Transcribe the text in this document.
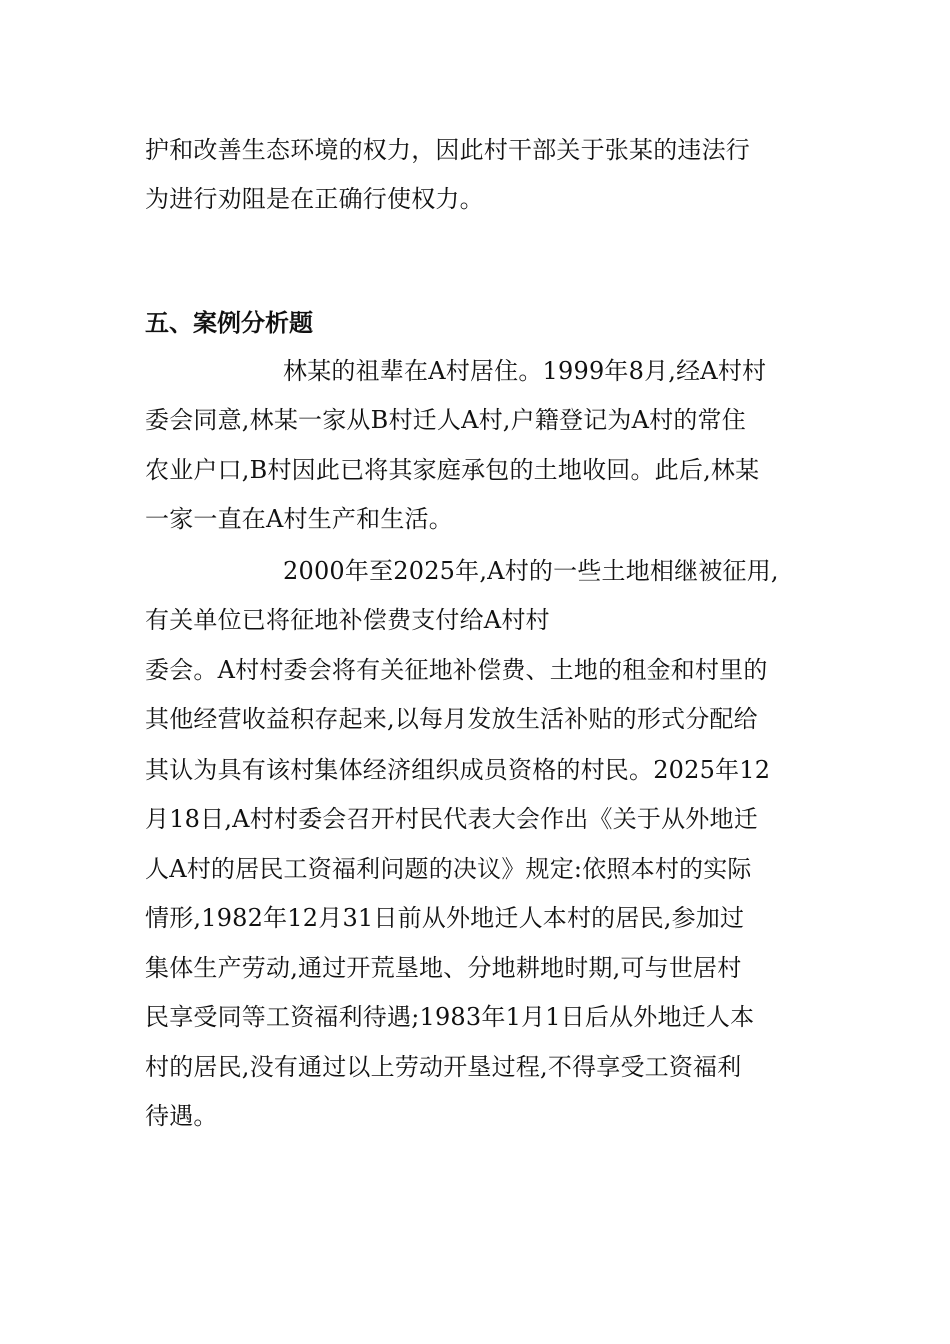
护和改善生态环境的权力，因此村干部关于张某的违法行
为进行劝阻是在正确行使权力。
五、案例分析题
林某的祖辈在A村居住。1999年8月,经A村村
委会同意,林某一家从B村迁人A村,户籍登记为A村的常住
农业户口,B村因此已将其家庭承包的土地收回。此后,林某
一家一直在A村生产和生活。
2000年至2025年,A村的一些土地相继被征用,
有关单位已将征地补偿费支付给A村村
委会。A村村委会将有关征地补偿费、土地的租金和村里的
其他经营收益积存起来,以每月发放生活补贴的形式分配给
其认为具有该村集体经济组织成员资格的村民。2025年12
月18日,A村村委会召开村民代表大会作出《关于从外地迁
人A村的居民工资福利问题的决议》规定:依照本村的实际
情形,1982年12月31日前从外地迁人本村的居民,参加过
集体生产劳动,通过开荒垦地、分地耕地时期,可与世居村
民享受同等工资福利待遇;1983年1月1日后从外地迁人本
村的居民,没有通过以上劳动开垦过程,不得享受工资福利
待遇。
